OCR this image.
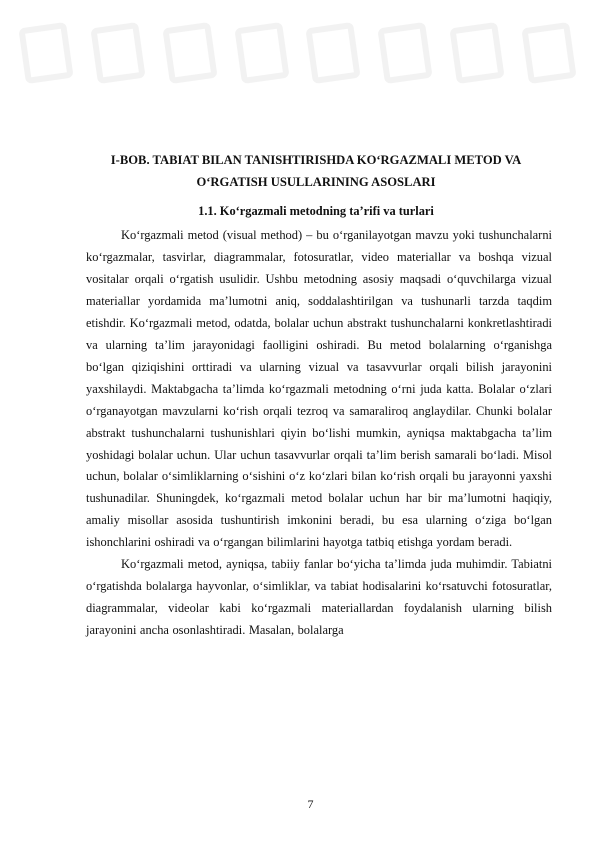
I-BOB. TABIAT BILAN TANISHTIRISHDA KO‘RGAZMALI METOD VA O‘RGATISH USULLARINING ASOSLARI
1.1. Ko‘rgazmali metodning ta’rifi va turlari

Ko‘rgazmali metod (visual method) – bu o‘rganilayotgan mavzu yoki tushunchalarni ko‘rgazmalar, tasvirlar, diagrammalar, fotosuratlar, video materiallar va boshqa vizual vositalar orqali o‘rgatish usulidir. Ushbu metodning asosiy maqsadi o‘quvchilarga vizual materiallar yordamida ma’lumotni aniq, soddalashtirilgan va tushunarli tarzda taqdim etishdir. Ko‘rgazmali metod, odatda, bolalar uchun abstrakt tushunchalarni konkretlashtiradi va ularning ta’lim jarayonidagi faolligini oshiradi. Bu metod bolalarning o‘rganishga bo‘lgan qiziqishini orttiradi va ularning vizual va tasavvurlar orqali bilish jarayonini yaxshilaydi. Maktabgacha ta’limda ko‘rgazmali metodning o‘rni juda katta. Bolalar o‘zlari o‘rganayotgan mavzularni ko‘rish orqali tezroq va samaraliroq anglaydilar. Chunki bolalar abstrakt tushunchalarni tushunishlari qiyin bo‘lishi mumkin, ayniqsa maktabgacha ta’lim yoshidagi bolalar uchun. Ular uchun tasavvurlar orqali ta’lim berish samarali bo‘ladi. Misol uchun, bolalar o‘simliklarning o‘sishini o‘z ko‘zlari bilan ko‘rish orqali bu jarayonni yaxshi tushunadilar. Shuningdek, ko‘rgazmali metod bolalar uchun har bir ma’lumotni haqiqiy, amaliy misollar asosida tushuntirish imkonini beradi, bu esa ularning o‘ziga bo‘lgan ishonchlarini oshiradi va o‘rgangan bilimlarini hayotga tatbiq etishga yordam beradi.

Ko‘rgazmali metod, ayniqsa, tabiiy fanlar bo‘yicha ta’limda juda muhimdir. Tabiatni o‘rgatishda bolalarga hayvonlar, o‘simliklar, va tabiat hodisalarini ko‘rsatuvchi fotosuratlar, diagrammalar, videolar kabi ko‘rgazmali materiallardan foydalanish ularning bilish jarayonini ancha osonlashtiradi. Masalan, bolalarga

7
